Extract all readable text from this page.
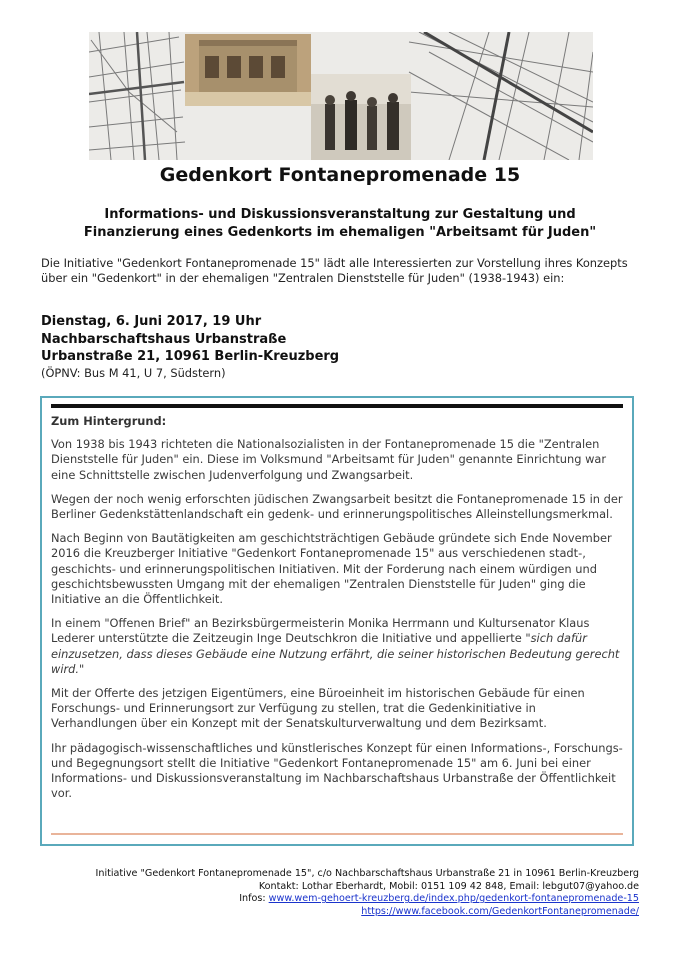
Gedenkort Fontanepromenade 15
Informations- und Diskussionsveranstaltung zur Gestaltung und
Finanzierung eines Gedenkorts im ehemaligen "Arbeitsamt für Juden"
Die Initiative "Gedenkort Fontanepromenade 15" lädt alle Interessierten zur Vorstellung ihres Konzepts über ein "Gedenkort" in der ehemaligen "Zentralen Dienststelle für Juden" (1938-1943) ein:
Dienstag, 6. Juni 2017, 19 Uhr
Nachbarschaftshaus Urbanstraße
Urbanstraße 21, 10961 Berlin-Kreuzberg
(ÖPNV: Bus M 41, U 7, Südstern)
Zum Hintergrund:

Von 1938 bis 1943 richteten die Nationalsozialisten in der Fontanepromenade 15 die "Zentralen Dienststelle für Juden" ein. Diese im Volksmund "Arbeitsamt für Juden" genannte Einrichtung war eine Schnittstelle zwischen Judenverfolgung und Zwangsarbeit.

Wegen der noch wenig erforschten jüdischen Zwangsarbeit besitzt die Fontanepromenade 15 in der Berliner Gedenkstättenlandschaft ein gedenk- und erinnerungspolitisches Alleinstellungsmerkmal.

Nach Beginn von Bautätigkeiten am geschichtsträchtigen Gebäude gründete sich Ende November 2016 die Kreuzberger Initiative "Gedenkort Fontanepromenade 15" aus verschiedenen stadt-, geschichts- und erinnerungspolitischen Initiativen. Mit der Forderung nach einem würdigen und geschichtsbewussten Umgang mit der ehemaligen "Zentralen Dienststelle für Juden" ging die Initiative an die Öffentlichkeit.

In einem "Offenen Brief" an Bezirksbürgermeisterin Monika Herrmann und Kultursenator Klaus Lederer unterstützte die Zeitzeugin Inge Deutschkron die Initiative und appellierte "sich dafür einzusetzen, dass dieses Gebäude eine Nutzung erfährt, die seiner historischen Bedeutung gerecht wird."

Mit der Offerte des jetzigen Eigentümers, eine Büroeinheit im historischen Gebäude für einen Forschungs- und Erinnerungsort zur Verfügung zu stellen, trat die Gedenkinitiative in Verhandlungen über ein Konzept mit der Senatskulturverwaltung und dem Bezirksamt.

Ihr pädagogisch-wissenschaftliches und künstlerisches Konzept für einen Informations-, Forschungs- und Begegnungsort stellt die Initiative "Gedenkort Fontanepromenade 15" am 6. Juni bei einer Informations- und Diskussionsveranstaltung im Nachbarschaftshaus Urbanstraße der Öffentlichkeit vor.

Initiative "Gedenkort Fontanepromenade 15", c/o Nachbarschaftshaus Urbanstraße 21 in 10961 Berlin-Kreuzberg
Kontakt: Lothar Eberhardt, Mobil: 0151 109 42 848, Email: lebgut07@yahoo.de
Infos: www.wem-gehoert-kreuzberg.de/index.php/gedenkort-fontanepromenade-15
https://www.facebook.com/GedenkortFontanepromenade/
